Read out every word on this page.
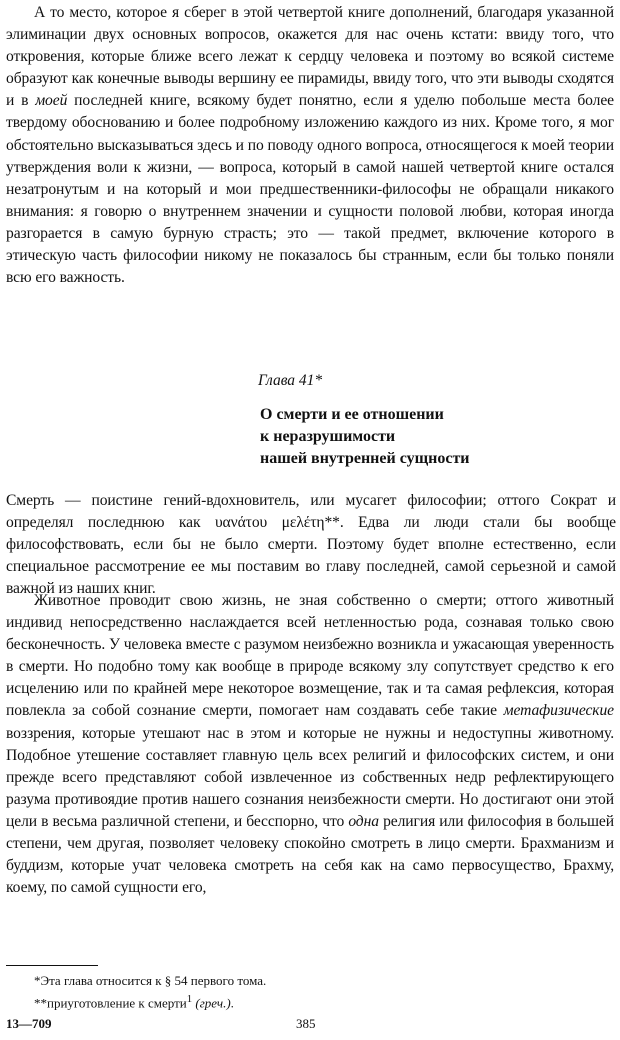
А то место, которое я сберег в этой четвертой книге дополнений, благодаря указанной элиминации двух основных вопросов, окажется для нас очень кстати: ввиду того, что откровения, которые ближе всего лежат к сердцу человека и поэтому во всякой системе образуют как конечные выводы вершину ее пирамиды, ввиду того, что эти выводы сходятся и в моей последней книге, всякому будет понятно, если я уделю побольше места более твердому обоснованию и более подробному изложению каждого из них. Кроме того, я мог обстоятельно высказываться здесь и по поводу одного вопроса, относящегося к моей теории утверждения воли к жизни, — вопроса, который в самой нашей четвертой книге остался незатронутым и на который и мои предшественники-философы не обращали никакого внимания: я говорю о внутреннем значении и сущности половой любви, которая иногда разгорается в самую бурную страсть; это — такой предмет, включение которого в этическую часть философии никому не показалось бы странным, если бы только поняли всю его важность.

Глава 41*

О смерти и ее отношении
к неразрушимости
нашей внутренней сущности

Смерть — поистине гений-вдохновитель, или мусагет философии; оттого Сократ и определял последнюю как υανάτου μελέτη**. Едва ли люди стали бы вообще философствовать, если бы не было смерти. Поэтому будет вполне естественно, если специальное рассмотрение ее мы поставим во главу последней, самой серьезной и самой важной из наших книг.

Животное проводит свою жизнь, не зная собственно о смерти; оттого животный индивид непосредственно наслаждается всей нетленностью рода, сознавая только свою бесконечность. У человека вместе с разумом неизбежно возникла и ужасающая уверенность в смерти. Но подобно тому как вообще в природе всякому злу сопутствует средство к его исцелению или по крайней мере некоторое возмещение, так и та самая рефлексия, которая повлекла за собой сознание смерти, помогает нам создавать себе такие метафизические воззрения, которые утешают нас в этом и которые не нужны и недоступны животному. Подобное утешение составляет главную цель всех религий и философских систем, и они прежде всего представляют собой извлеченное из собственных недр рефлектирующего разума противоядие против нашего сознания неизбежности смерти. Но достигают они этой цели в весьма различной степени, и бесспорно, что одна религия или философия в большей степени, чем другая, позволяет человеку спокойно смотреть в лицо смерти. Брахманизм и буддизм, которые учат человека смотреть на себя как на само первосущество, Брахму, коему, по самой сущности его,

*Эта глава относится к § 54 первого тома.

**приуготовление к смерти$^1$ (греч.).

13—709	385
